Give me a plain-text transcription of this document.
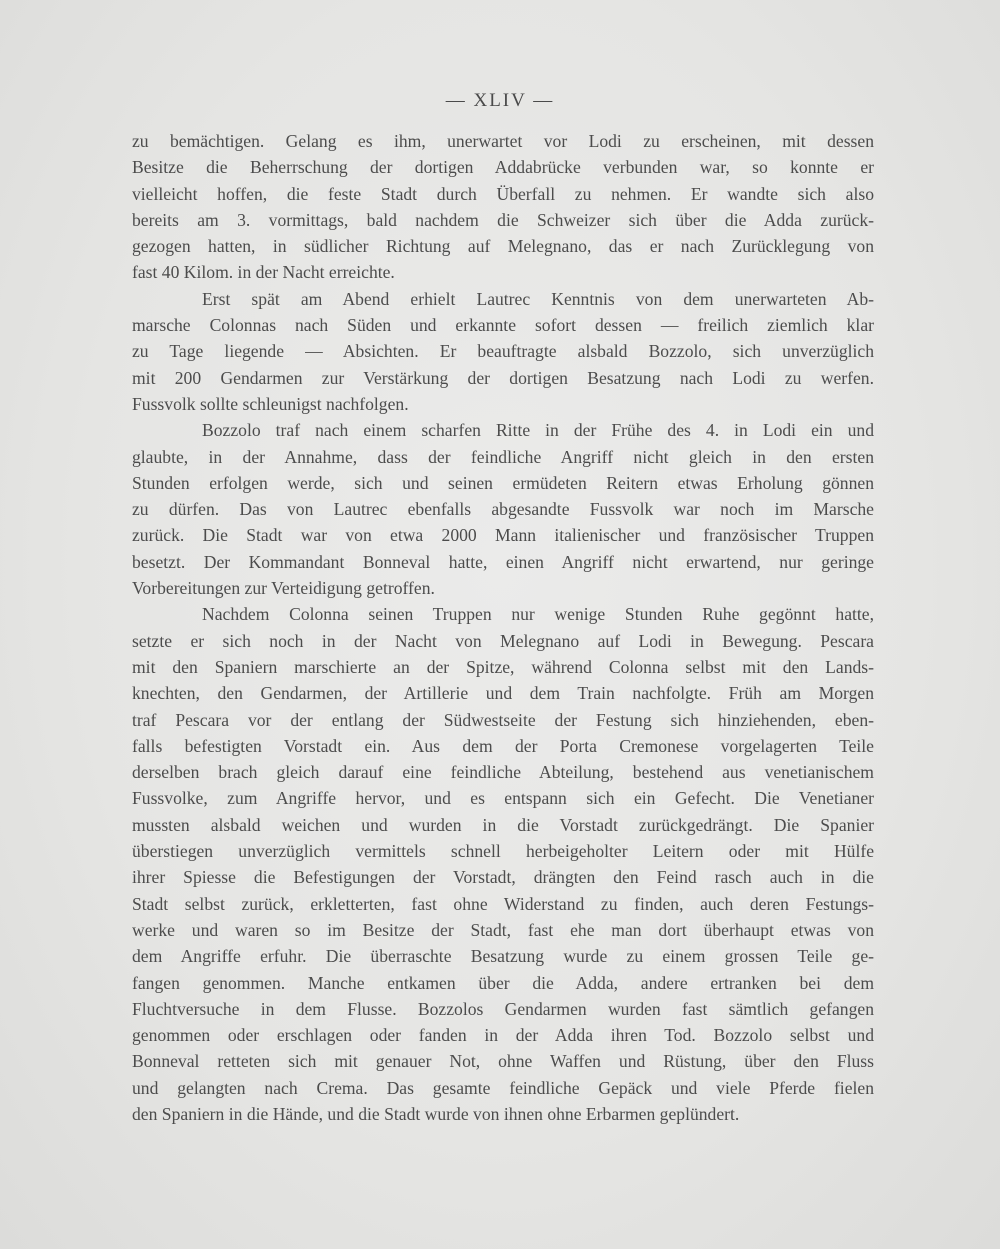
— XLIV —
zu bemächtigen. Gelang es ihm, unerwartet vor Lodi zu erscheinen, mit dessen
Besitze die Beherrschung der dortigen Addabrücke verbunden war, so konnte er
vielleicht hoffen, die feste Stadt durch Überfall zu nehmen. Er wandte sich also
bereits am 3. vormittags, bald nachdem die Schweizer sich über die Adda zurück-
gezogen hatten, in südlicher Richtung auf Melegnano, das er nach Zurücklegung von
fast 40 Kilom. in der Nacht erreichte.
Erst spät am Abend erhielt Lautrec Kenntnis von dem unerwarteten Ab-
marsche Colonnas nach Süden und erkannte sofort dessen — freilich ziemlich klar
zu Tage liegende — Absichten. Er beauftragte alsbald Bozzolo, sich unverzüglich
mit 200 Gendarmen zur Verstärkung der dortigen Besatzung nach Lodi zu werfen.
Fussvolk sollte schleunigst nachfolgen.
Bozzolo traf nach einem scharfen Ritte in der Frühe des 4. in Lodi ein und
glaubte, in der Annahme, dass der feindliche Angriff nicht gleich in den ersten
Stunden erfolgen werde, sich und seinen ermüdeten Reitern etwas Erholung gönnen
zu dürfen. Das von Lautrec ebenfalls abgesandte Fussvolk war noch im Marsche
zurück. Die Stadt war von etwa 2000 Mann italienischer und französischer Truppen
besetzt. Der Kommandant Bonneval hatte, einen Angriff nicht erwartend, nur geringe
Vorbereitungen zur Verteidigung getroffen.
Nachdem Colonna seinen Truppen nur wenige Stunden Ruhe gegönnt hatte,
setzte er sich noch in der Nacht von Melegnano auf Lodi in Bewegung. Pescara
mit den Spaniern marschierte an der Spitze, während Colonna selbst mit den Lands-
knechten, den Gendarmen, der Artillerie und dem Train nachfolgte. Früh am Morgen
traf Pescara vor der entlang der Südwestseite der Festung sich hinziehenden, eben-
falls befestigten Vorstadt ein. Aus dem der Porta Cremonese vorgelagerten Teile
derselben brach gleich darauf eine feindliche Abteilung, bestehend aus venetianischem
Fussvolke, zum Angriffe hervor, und es entspann sich ein Gefecht. Die Venetianer
mussten alsbald weichen und wurden in die Vorstadt zurückgedrängt. Die Spanier
überstiegen unverzüglich vermittels schnell herbeigeholter Leitern oder mit Hülfe
ihrer Spiesse die Befestigungen der Vorstadt, drängten den Feind rasch auch in die
Stadt selbst zurück, erkletterten, fast ohne Widerstand zu finden, auch deren Festungs-
werke und waren so im Besitze der Stadt, fast ehe man dort überhaupt etwas von
dem Angriffe erfuhr. Die überraschte Besatzung wurde zu einem grossen Teile ge-
fangen genommen. Manche entkamen über die Adda, andere ertranken bei dem
Fluchtversuche in dem Flusse. Bozzolos Gendarmen wurden fast sämtlich gefangen
genommen oder erschlagen oder fanden in der Adda ihren Tod. Bozzolo selbst und
Bonneval retteten sich mit genauer Not, ohne Waffen und Rüstung, über den Fluss
und gelangten nach Crema. Das gesamte feindliche Gepäck und viele Pferde fielen
den Spaniern in die Hände, und die Stadt wurde von ihnen ohne Erbarmen geplündert.
